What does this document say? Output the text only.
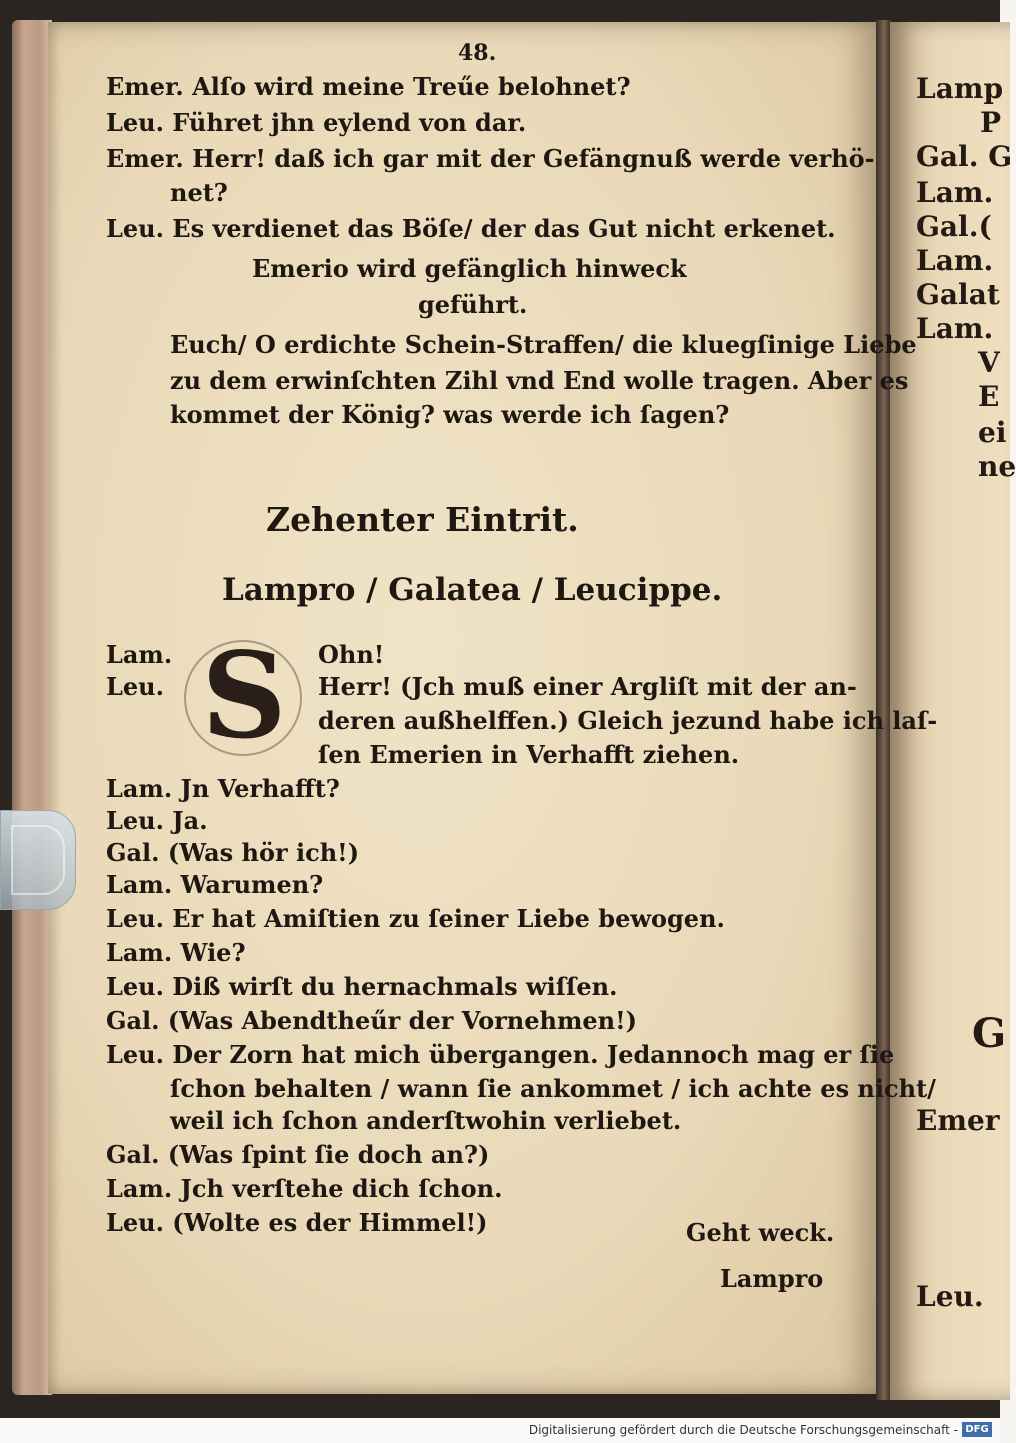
48.
Emer. Alſo wird meine Treűe belohnet?
Leu. Führet jhn eylend von dar.
Emer. Herr! daß ich gar mit der Gefängnuß werde verhö-
net?
Leu. Es verdienet das Böſe/ der das Gut nicht erkenet.
Emerio wird gefänglich hinweck
geführt.
Euch/ O erdichte Schein-Straffen/ die kluegſinige Liebe
zu dem erwinſchten Zihl vnd End wolle tragen. Aber es
kommet der König? was werde ich ſagen?
Zehenter Eintrit.
Lampro / Galatea / Leucippe.
S
Lam.
Leu.
Ohn!
Herr! (Jch muß einer Argliſt mit der an-
deren außhelffen.) Gleich jezund habe ich laſ-
ſen Emerien in Verhafft ziehen.
Lam. Jn Verhafft?
Leu. Ja.
Gal. (Was hör ich!)
Lam. Warumen?
Leu. Er hat Amiſtien zu ſeiner Liebe bewogen.
Lam. Wie?
Leu. Diß wirſt du hernachmals wiſſen.
Gal. (Was Abendtheűr der Vornehmen!)
Leu. Der Zorn hat mich übergangen. Jedannoch mag er ſie
ſchon behalten / wann ſie ankommet / ich achte es nicht/
weil ich ſchon anderſtwohin verliebet.
Gal. (Was ſpint ſie doch an?)
Lam. Jch verſtehe dich ſchon.
Leu. (Wolte es der Himmel!)	Geht weck.
Lampro
Lamp
P
Gal. G
Lam.
Gal.(
Lam.
Galat
Lam.
V
E
ei
ne
G
Emer
Leu.
Digitalisierung gefördert durch die Deutsche Forschungsgemeinschaft - DFG
